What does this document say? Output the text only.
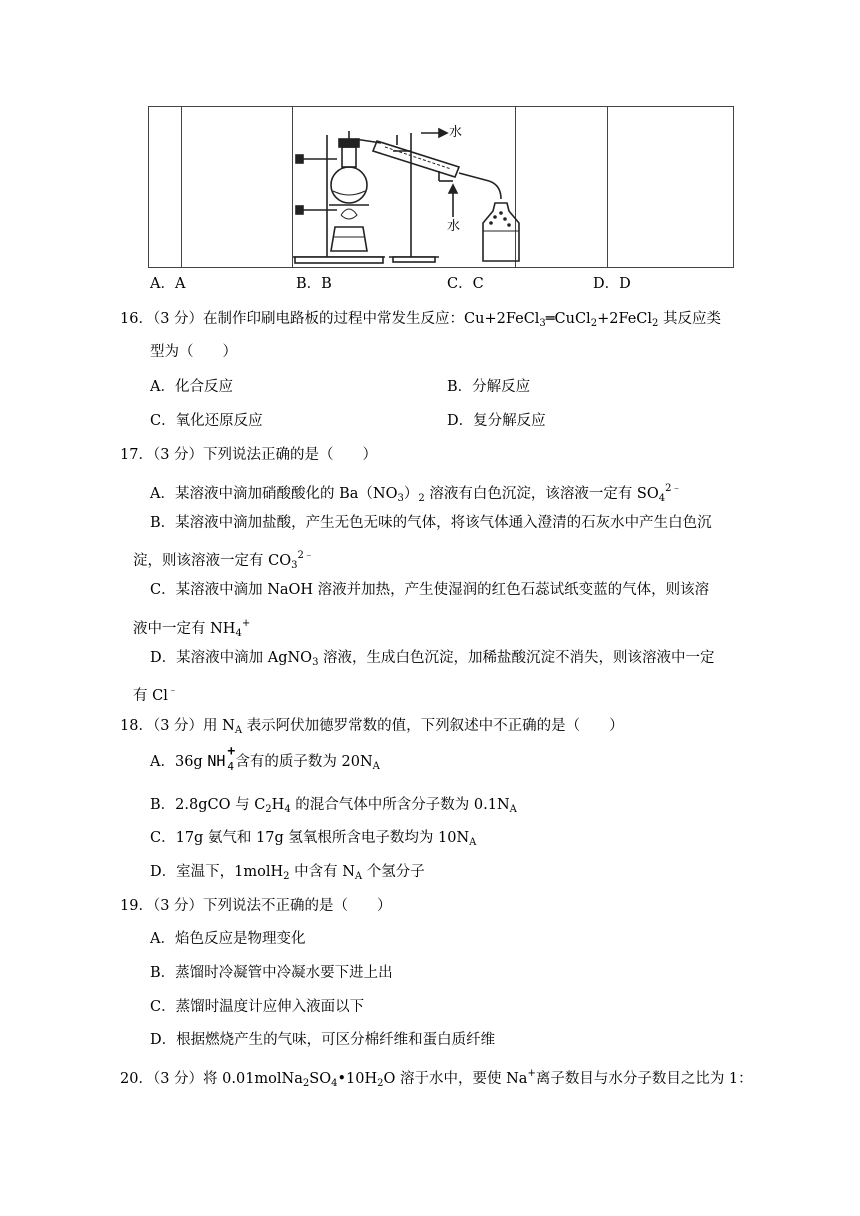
水
水
A．A	B．B	C．C	D．D
16．（3 分）在制作印刷电路板的过程中常发生反应：Cu+2FeCl$_3$═CuCl$_2$+2FeCl$_2$ 其反应类
型为（　　）
A．化合反应	B．分解反应
C．氧化还原反应	D．复分解反应
17．（3 分）下列说法正确的是（　　）
A．某溶液中滴加硝酸酸化的 $Ba(NO_3)_2$ 溶液有白色沉淀，该溶液一定有 $SO_4^{2﹣}$
B．某溶液中滴加盐酸，产生无色无味的气体，将该气体通入澄清的石灰水中产生白色沉
淀，则该溶液一定有 $CO_3^{2﹣}$
C．某溶液中滴加 NaOH 溶液并加热，产生使湿润的红色石蕊试纸变蓝的气体，则该溶
液中一定有 $NH_4^+$
D．某溶液中滴加 AgNO$_3$ 溶液，生成白色沉淀，加稀盐酸沉淀不消失，则该溶液中一定
有 Cl﹣
18．（3 分）用 $N_A$ 表示阿伏加德罗常数的值，下列叙述中不正确的是（　　）
A．36g NH
+
4 含有的质子数为 $20N_A$
B．2.8gCO 与 $C_2H_4$ 的混合气体中所含分子数为 $0.1N_A$
C．17g 氨气和 17g 氢氧根所含电子数均为 $10N_A$
D．室温下，1molH$_2$ 中含有 $N_A$ 个氢分子
19．（3 分）下列说法不正确的是（　　）
A．焰色反应是物理变化
B．蒸馏时冷凝管中冷凝水要下进上出
C．蒸馏时温度计应伸入液面以下
D．根据燃烧产生的气味，可区分棉纤维和蛋白质纤维
20．（3 分）将 $0.01molNa_2SO_4•10H_2O$ 溶于水中，要使 Na+离子数目与水分子数目之比为 1：
